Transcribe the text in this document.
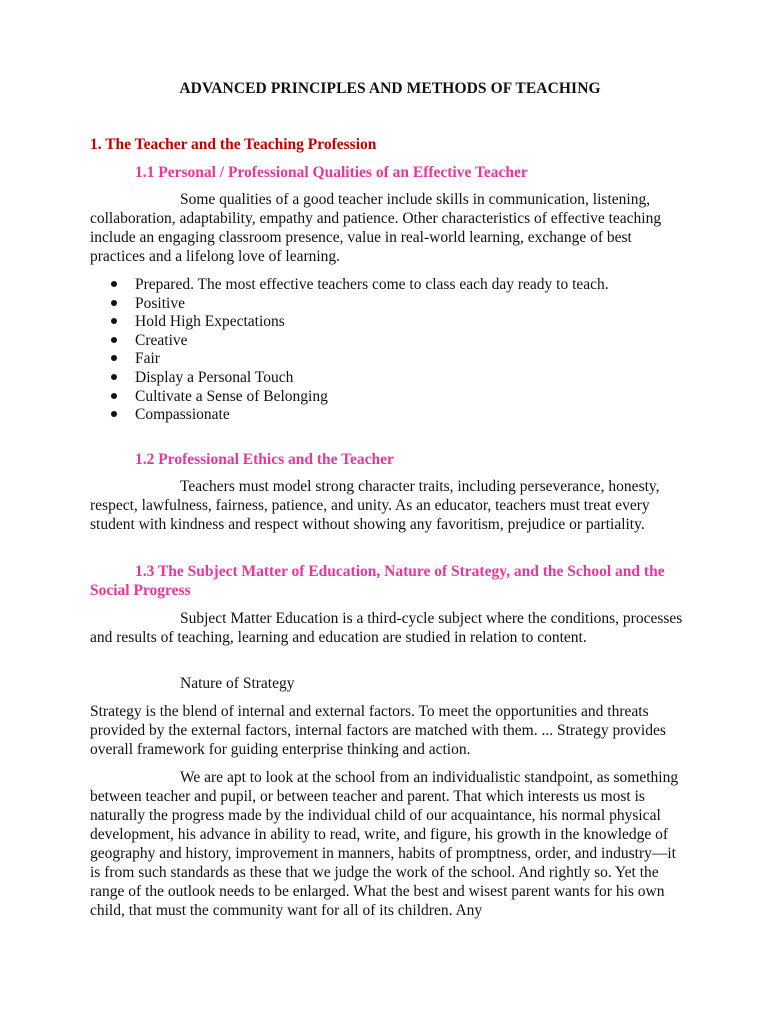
ADVANCED PRINCIPLES AND METHODS OF TEACHING
1. The Teacher and the Teaching Profession
1.1 Personal / Professional Qualities of an Effective Teacher

Some qualities of a good teacher include skills in communication, listening, collaboration, adaptability, empathy and patience. Other characteristics of effective teaching include an engaging classroom presence, value in real-world learning, exchange of best practices and a lifelong love of learning.

Prepared. The most effective teachers come to class each day ready to teach.
Positive
Hold High Expectations
Creative
Fair
Display a Personal Touch
Cultivate a Sense of Belonging
Compassionate
1.2 Professional Ethics and the Teacher

Teachers must model strong character traits, including perseverance, honesty, respect, lawfulness, fairness, patience, and unity. As an educator, teachers must treat every student with kindness and respect without showing any favoritism, prejudice or partiality.

1.3 The Subject Matter of Education, Nature of Strategy, and the School and the Social Progress

Subject Matter Education is a third-cycle subject where the conditions, processes and results of teaching, learning and education are studied in relation to content.

Nature of Strategy

Strategy is the blend of internal and external factors. To meet the opportunities and threats provided by the external factors, internal factors are matched with them. ... Strategy provides overall framework for guiding enterprise thinking and action.

We are apt to look at the school from an individualistic standpoint, as something between teacher and pupil, or between teacher and parent. That which interests us most is naturally the progress made by the individual child of our acquaintance, his normal physical development, his advance in ability to read, write, and figure, his growth in the knowledge of geography and history, improvement in manners, habits of promptness, order, and industry—it is from such standards as these that we judge the work of the school. And rightly so. Yet the range of the outlook needs to be enlarged. What the best and wisest parent wants for his own child, that must the community want for all of its children. Any
